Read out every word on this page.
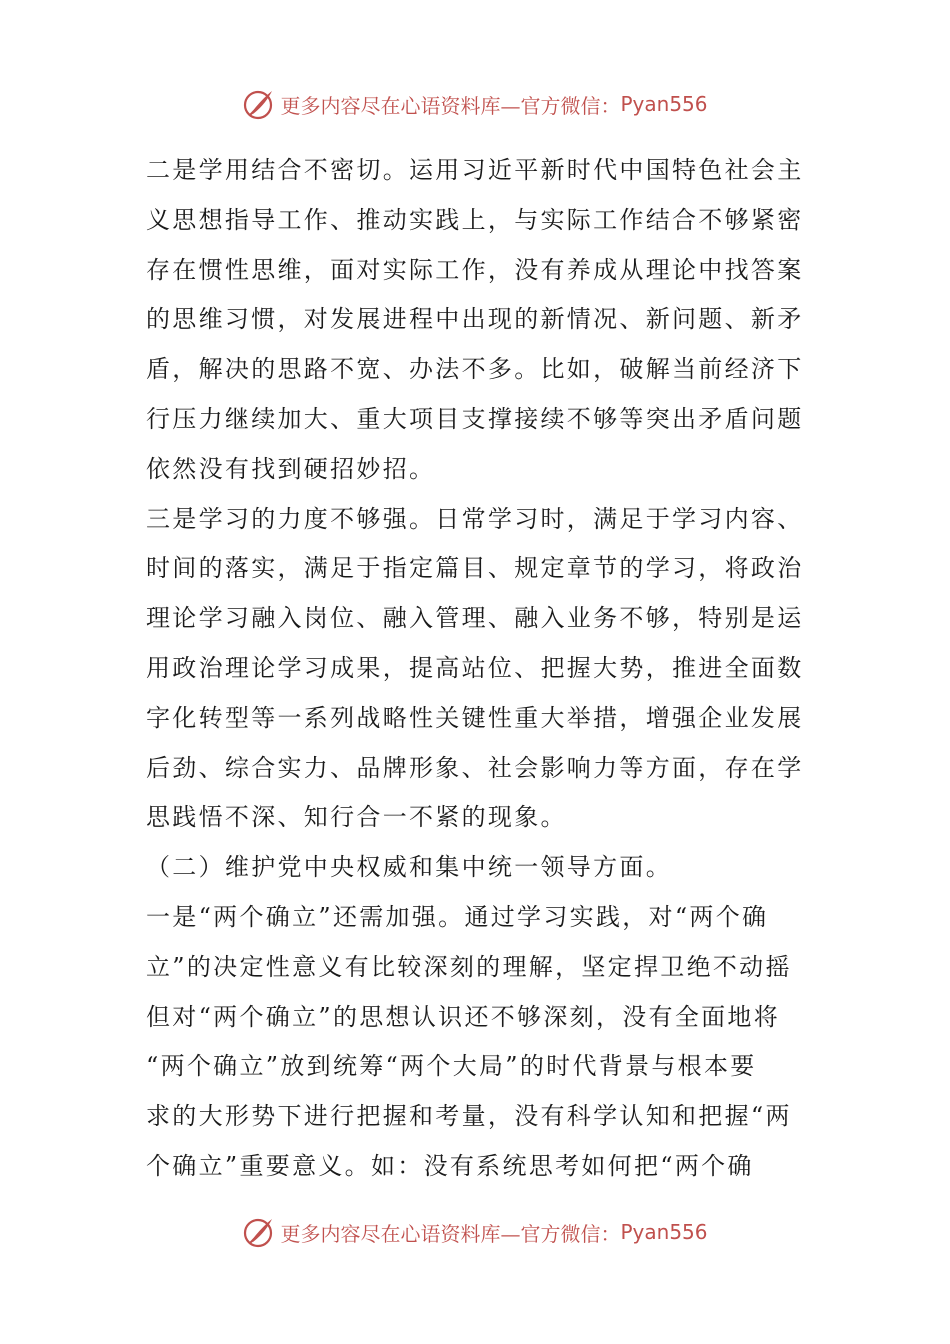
更多内容尽在心语资料库—官方微信： Pyan556
二是学用结合不密切。运用习近平新时代中国特色社会主
义思想指导工作、推动实践上，与实际工作结合不够紧密
存在惯性思维，面对实际工作，没有养成从理论中找答案
的思维习惯，对发展进程中出现的新情况、新问题、新矛
盾，解决的思路不宽、办法不多。比如，破解当前经济下
行压力继续加大、重大项目支撑接续不够等突出矛盾问题
依然没有找到硬招妙招。
三是学习的力度不够强。日常学习时，满足于学习内容、
时间的落实，满足于指定篇目、规定章节的学习，将政治
理论学习融入岗位、融入管理、融入业务不够，特别是运
用政治理论学习成果，提高站位、把握大势，推进全面数
字化转型等一系列战略性关键性重大举措，增强企业发展
后劲、综合实力、品牌形象、社会影响力等方面，存在学
思践悟不深、知行合一不紧的现象。
（二）维护党中央权威和集中统一领导方面。
一是“两个确立”还需加强。通过学习实践，对“两个确
立”的决定性意义有比较深刻的理解，坚定捍卫绝不动摇
但对“两个确立”的思想认识还不够深刻，没有全面地将
“两个确立”放到统筹“两个大局”的时代背景与根本要
求的大形势下进行把握和考量，没有科学认知和把握“两
个确立”重要意义。如：没有系统思考如何把“两个确
更多内容尽在心语资料库—官方微信： Pyan556
